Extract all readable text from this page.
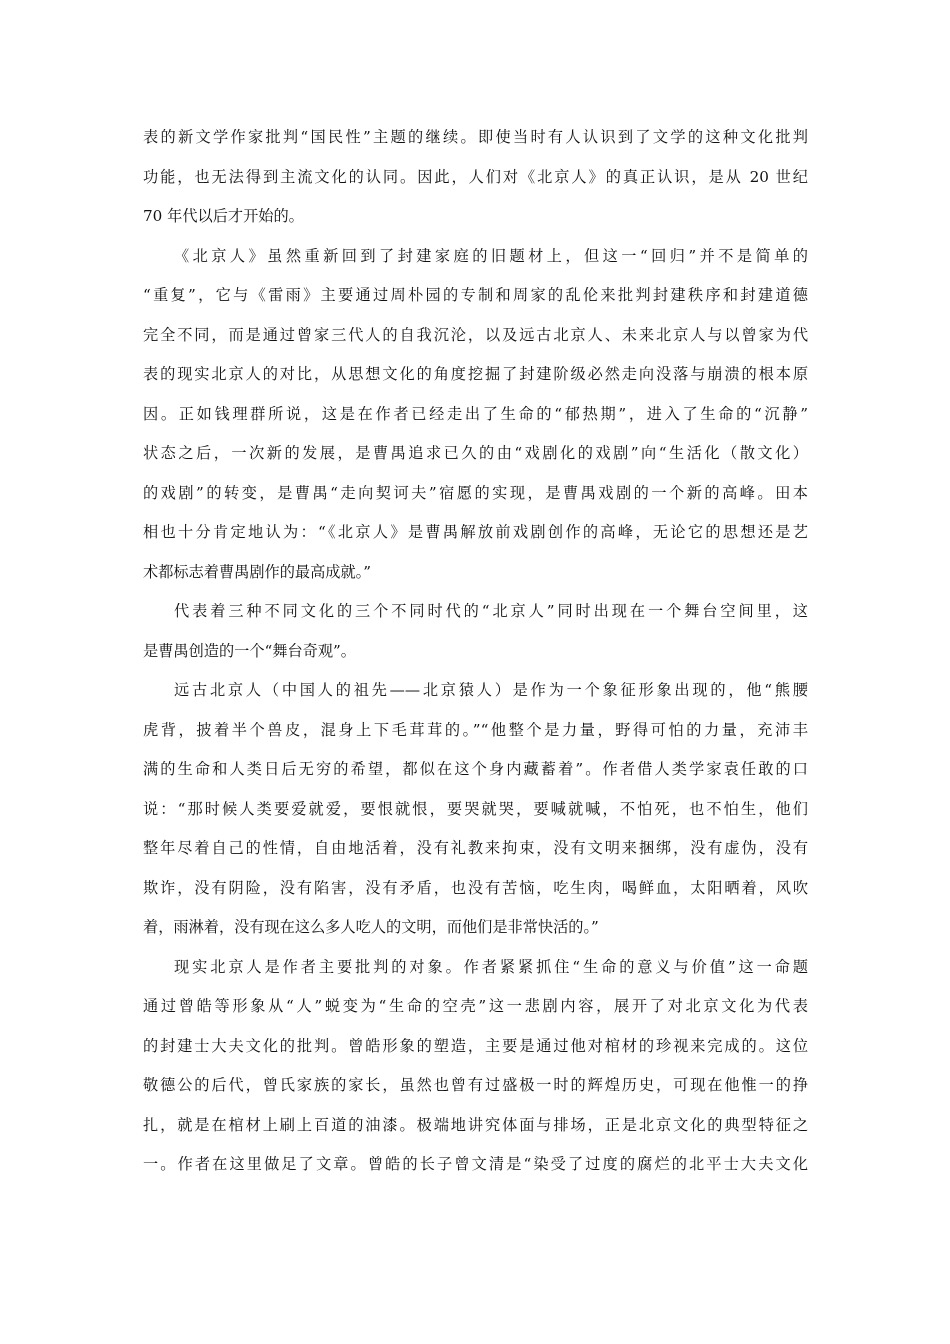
表的新文学作家批判“国民性”主题的继续。即使当时有人认识到了文学的这种文化批判
功能，也无法得到主流文化的认同。因此，人们对《北京人》的真正认识，是从 20 世纪
70 年代以后才开始的。
《北京人》虽然重新回到了封建家庭的旧题材上，但这一“回归”并不是简单的
“重复”，它与《雷雨》主要通过周朴园的专制和周家的乱伦来批判封建秩序和封建道德
完全不同，而是通过曾家三代人的自我沉沦，以及远古北京人、未来北京人与以曾家为代
表的现实北京人的对比，从思想文化的角度挖掘了封建阶级必然走向没落与崩溃的根本原
因。正如钱理群所说，这是在作者已经走出了生命的“郁热期”，进入了生命的“沉静”
状态之后，一次新的发展，是曹禺追求已久的由“戏剧化的戏剧”向“生活化（散文化）
的戏剧”的转变，是曹禺“走向契诃夫”宿愿的实现，是曹禺戏剧的一个新的高峰。田本
相也十分肯定地认为：“《北京人》是曹禺解放前戏剧创作的高峰，无论它的思想还是艺
术都标志着曹禺剧作的最高成就。”
代表着三种不同文化的三个不同时代的“北京人”同时出现在一个舞台空间里，这
是曹禺创造的一个“舞台奇观”。
远古北京人（中国人的祖先——北京猿人）是作为一个象征形象出现的，他“熊腰
虎背，披着半个兽皮，混身上下毛茸茸的。”“他整个是力量，野得可怕的力量，充沛丰
满的生命和人类日后无穷的希望，都似在这个身内藏蓄着”。作者借人类学家袁任敢的口
说：“那时候人类要爱就爱，要恨就恨，要哭就哭，要喊就喊，不怕死，也不怕生，他们
整年尽着自己的性情，自由地活着，没有礼教来拘束，没有文明来捆绑，没有虚伪，没有
欺诈，没有阴险，没有陷害，没有矛盾，也没有苦恼，吃生肉，喝鲜血，太阳晒着，风吹
着，雨淋着，没有现在这么多人吃人的文明，而他们是非常快活的。”
现实北京人是作者主要批判的对象。作者紧紧抓住“生命的意义与价值”这一命题
通过曾皓等形象从“人”蜕变为“生命的空壳”这一悲剧内容，展开了对北京文化为代表
的封建士大夫文化的批判。曾皓形象的塑造，主要是通过他对棺材的珍视来完成的。这位
敬德公的后代，曾氏家族的家长，虽然也曾有过盛极一时的辉煌历史，可现在他惟一的挣
扎，就是在棺材上刷上百道的油漆。极端地讲究体面与排场，正是北京文化的典型特征之
一。作者在这里做足了文章。曾皓的长子曾文清是“染受了过度的腐烂的北平士大夫文化
